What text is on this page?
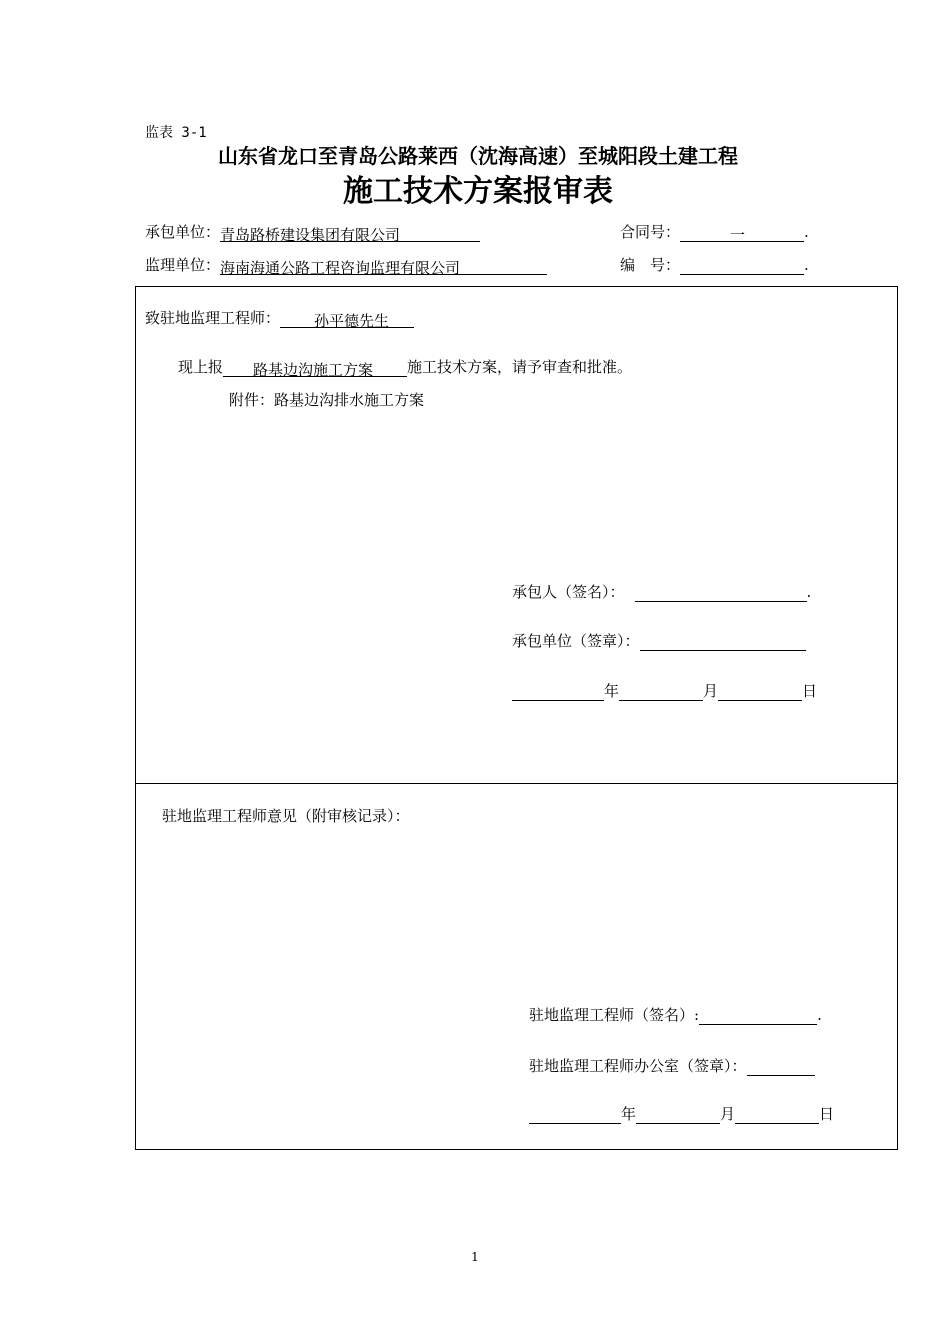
监表 3-1
山东省龙口至青岛公路莱西（沈海高速）至城阳段土建工程
施工技术方案报审表
承包单位：青岛路桥建设集团有限公司	合同号：	一	.
监理单位：海南海通公路工程咨询监理有限公司	编　号：	.
致驻地监理工程师： 孙平德先生
现上报 路基边沟施工方案 施工技术方案，请予审查和批准。
附件：路基边沟排水施工方案
承包人（签名）：	.
承包单位（签章）：
年	月	日
驻地监理工程师意见（附审核记录）：
驻地监理工程师（签名）:	.
驻地监理工程师办公室（签章）：
年	月	日
1
